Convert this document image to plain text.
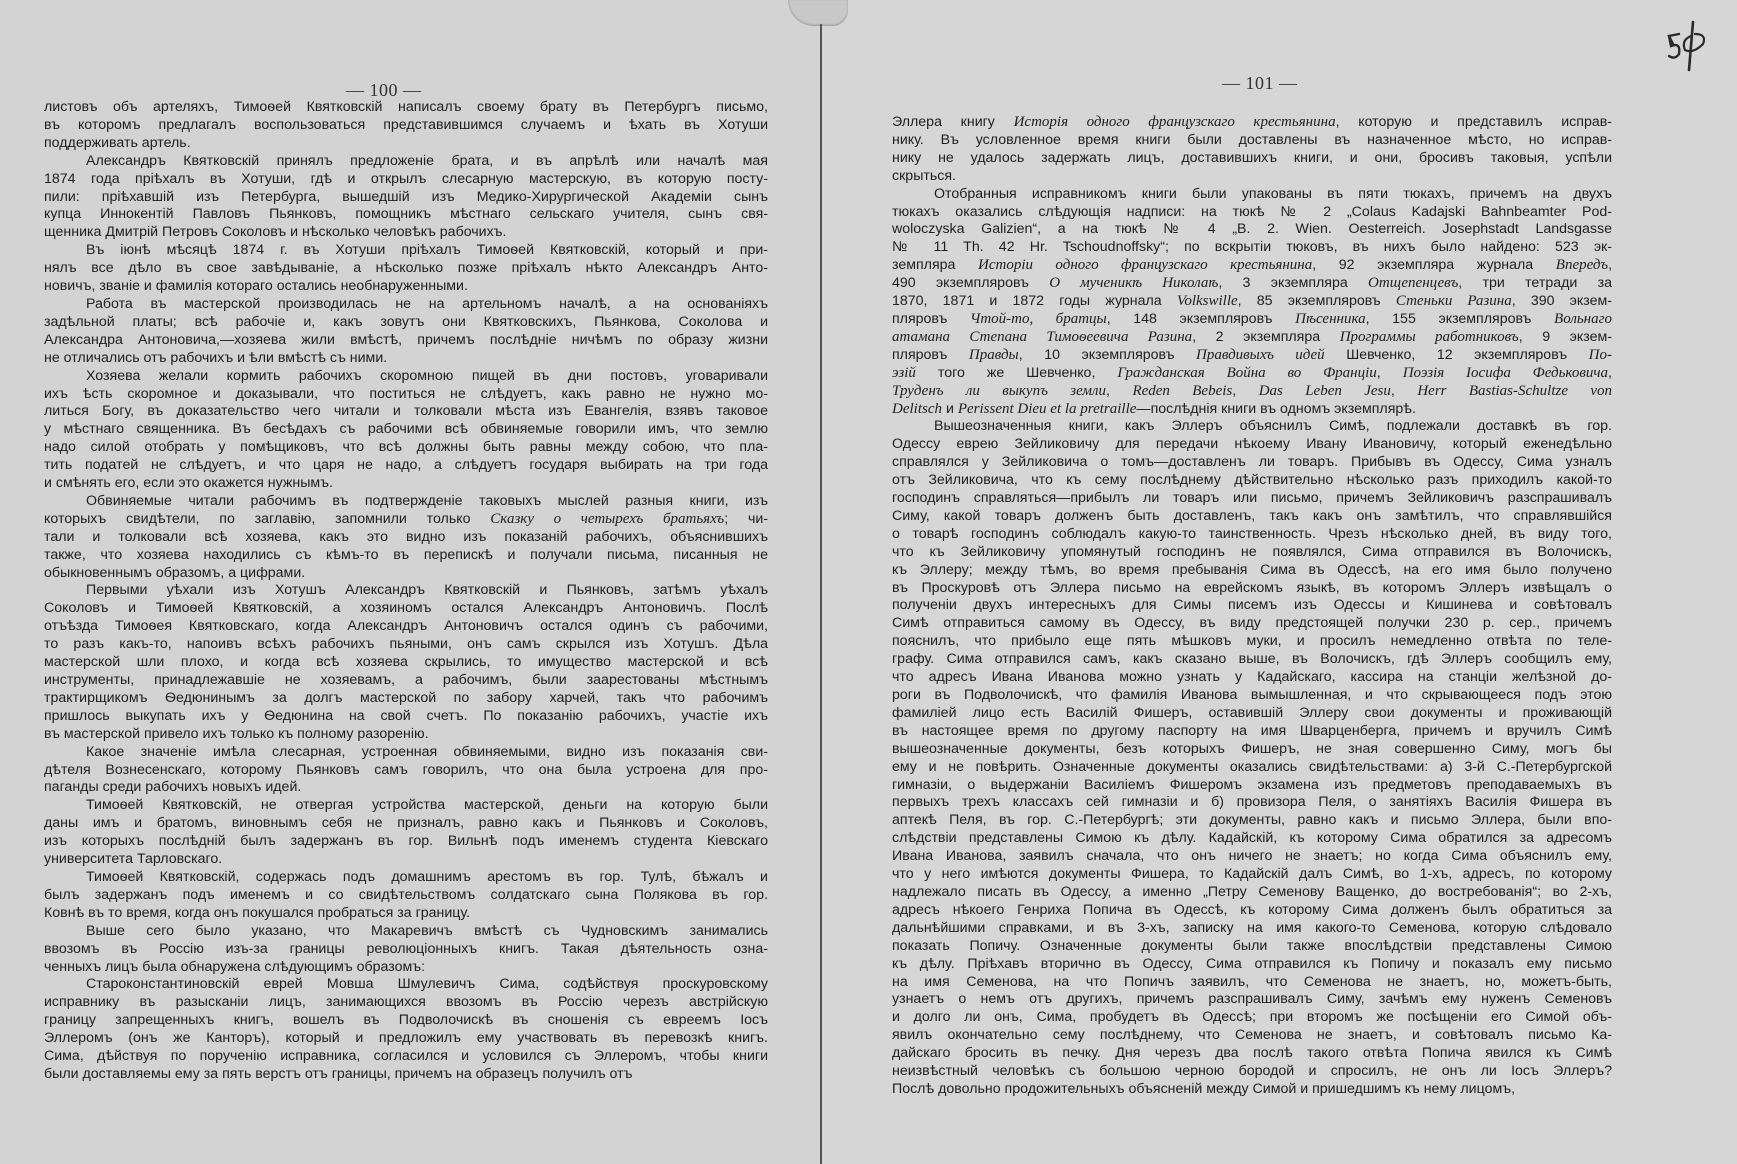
— 100 —

листовъ объ артеляхъ, Тимоѳей Квятковскій написалъ своему брату въ Петербургъ письмо,
въ которомъ предлагалъ воспользоваться представившимся случаемъ и ѣхать въ Хотуши
поддерживать артель.

Александръ Квятковскій принялъ предложеніе брата, и въ апрѣлѣ или началѣ мая
1874 года пріѣхалъ въ Хотуши, гдѣ и открылъ слесарную мастерскую, въ которую посту-
пили: пріѣхавшій изъ Петербурга, вышедшій изъ Медико-Хирургической Академіи сынъ
купца Иннокентій Павловъ Пьянковъ, помощникъ мѣстнаго сельскаго учителя, сынъ свя-
щенника Дмитрій Петровъ Соколовъ и нѣсколько человѣкъ рабочихъ.

Въ іюнѣ мѣсяцѣ 1874 г. въ Хотуши пріѣхалъ Тимоѳей Квятковскій, который и при-
нялъ все дѣло въ свое завѣдываніе, а нѣсколько позже пріѣхалъ нѣкто Александръ Анто-
новичъ, званіе и фамилія котораго остались необнаруженными.

Работа въ мастерской производилась не на артельномъ началѣ, а на основаніяхъ
задѣльной платы; всѣ рабочіе и, какъ зовутъ они Квятковскихъ, Пьянкова, Соколова и
Александра Антоновича,—хозяева жили вмѣстѣ, причемъ послѣдніе ничѣмъ по образу жизни
не отличались отъ рабочихъ и ѣли вмѣстѣ съ ними.

Хозяева желали кормить рабочихъ скоромною пищей въ дни постовъ, уговаривали
ихъ ѣсть скоромное и доказывали, что поститься не слѣдуетъ, какъ равно не нужно мо-
литься Богу, въ доказательство чего читали и толковали мѣста изъ Евангелія, взявъ таковое
у мѣстнаго священника. Въ бесѣдахъ съ рабочими всѣ обвиняемые говорили имъ, что землю
надо силой отобрать у помѣщиковъ, что всѣ должны быть равны между собою, что пла-
тить податей не слѣдуетъ, и что царя не надо, а слѣдуетъ государя выбирать на три года
и смѣнять его, если это окажется нужнымъ.

Обвиняемые читали рабочимъ въ подтвержденіе таковыхъ мыслей разныя книги, изъ
которыхъ свидѣтели, по заглавію, запомнили только Сказку о четырехъ братьяхъ; чи-
тали и толковали всѣ хозяева, какъ это видно изъ показаній рабочихъ, объяснившихъ
также, что хозяева находились съ кѣмъ-то въ перепискѣ и получали письма, писанныя не
обыкновеннымъ образомъ, а цифрами.

Первыми уѣхали изъ Хотушъ Александръ Квятковскій и Пьянковъ, затѣмъ уѣхалъ
Соколовъ и Тимоѳей Квятковскій, а хозяиномъ остался Александръ Антоновичъ. Послѣ
отъѣзда Тимоѳея Квятковскаго, когда Александръ Антоновичъ остался одинъ съ рабочими,
то разъ какъ-то, напоивъ всѣхъ рабочихъ пьяными, онъ самъ скрылся изъ Хотушъ. Дѣла
мастерской шли плохо, и когда всѣ хозяева скрылись, то имущество мастерской и всѣ
инструменты, принадлежавшіе не хозяевамъ, а рабочимъ, были заарестованы мѣстнымъ
трактирщикомъ Ѳедюнинымъ за долгъ мастерской по забору харчей, такъ что рабочимъ
пришлось выкупать ихъ у Ѳедюнина на свой счетъ. По показанію рабочихъ, участіе ихъ
въ мастерской привело ихъ только къ полному разоренію.

Какое значеніе имѣла слесарная, устроенная обвиняемыми, видно изъ показанія сви-
дѣтеля Вознесенскаго, которому Пьянковъ самъ говорилъ, что она была устроена для про-
паганды среди рабочихъ новыхъ идей.

Тимоѳей Квятковскій, не отвергая устройства мастерской, деньги на которую были
даны имъ и братомъ, виновнымъ себя не призналъ, равно какъ и Пьянковъ и Соколовъ,
изъ которыхъ послѣдній былъ задержанъ въ гор. Вильнѣ подъ именемъ студента Кіевскаго
университета Тарловскаго.

Тимоѳей Квятковскій, содержась подъ домашнимъ арестомъ въ гор. Тулѣ, бѣжалъ и
былъ задержанъ подъ именемъ и со свидѣтельствомъ солдатскаго сына Полякова въ гор.
Ковнѣ въ то время, когда онъ покушался пробраться за границу.

Выше сего было указано, что Макаревичъ вмѣстѣ съ Чудновскимъ занимались
ввозомъ въ Россію изъ-за границы революціонныхъ книгъ. Такая дѣятельность озна-
ченныхъ лицъ была обнаружена слѣдующимъ образомъ:

Староконстантиновскій еврей Мовша Шмулевичъ Сима, содѣйствуя проскуровскому
исправнику въ разысканіи лицъ, занимающихся ввозомъ въ Россію черезъ австрійскую
границу запрещенныхъ книгъ, вошелъ въ Подволочискѣ въ сношенія съ евреемъ Іосъ
Эллеромъ (онъ же Канторъ), который и предложилъ ему участвовать въ перевозкѣ книгъ.
Сима, дѣйствуя по порученію исправника, согласился и условился съ Эллеромъ, чтобы книги
были доставляемы ему за пять верстъ отъ границы, причемъ на образецъ получилъ отъ

— 101 —

Эллера книгу Исторія одного французскаго крестьянина, которую и представилъ исправ-
нику. Въ условленное время книги были доставлены въ назначенное мѣсто, но исправ-
нику не удалось задержать лицъ, доставившихъ книги, и они, бросивъ таковыя, успѣли
скрыться.

Отобранныя исправникомъ книги были упакованы въ пяти тюкахъ, причемъ на двухъ
тюкахъ оказались слѣдующія надписи: на тюкѣ № 2 „Colaus Kadajski Bahnbeamter Pod-
woloczyska Galizien“, а на тюкѣ № 4 „B. 2. Wien. Oesterreich. Josephstadt Landsgasse
№ 11 Th. 42 Hr. Tschoudnoffsky“; по вскрытіи тюковъ, въ нихъ было найдено: 523 эк-
земпляра Исторіи одного французскаго крестьянина, 92 экземпляра журнала Впередъ,
490 экземпляровъ О мученикѣ Николаѣ, 3 экземпляра Отщепенцевъ, три тетради за
1870, 1871 и 1872 годы журнала Volkswille, 85 экземпляровъ Стеньки Разина, 390 экзем-
пляровъ Чтой-то, братцы, 148 экземпляровъ Пѣсенника, 155 экземпляровъ Вольнаго
атамана Степана Тимоѳеевича Разина, 2 экземпляра Программы работниковъ, 9 экзем-
пляровъ Правды, 10 экземпляровъ Правдивыхъ идей Шевченко, 12 экземпляровъ По-
эзій того же Шевченко, Гражданская Война во Франціи, Поэзія Іосифа Федьковича,
Труденъ ли выкупъ земли, Reden Bebeis, Das Leben Jesu, Herr Bastias-Schultze von
Delitsch и Perissent Dieu et la pretraille—послѣднія книги въ одномъ экземплярѣ.

Вышеозначенныя книги, какъ Эллеръ объяснилъ Симѣ, подлежали доставкѣ въ гор.
Одессу еврею Зейликовичу для передачи нѣкоему Ивану Ивановичу, который еженедѣльно
справлялся у Зейликовича о томъ—доставленъ ли товаръ. Прибывъ въ Одессу, Сима узналъ
отъ Зейликовича, что къ сему послѣднему дѣйствительно нѣсколько разъ приходилъ какой-то
господинъ справляться—прибылъ ли товаръ или письмо, причемъ Зейликовичъ разспрашивалъ
Симу, какой товаръ долженъ быть доставленъ, такъ какъ онъ замѣтилъ, что справлявшійся
о товарѣ господинъ соблюдалъ какую-то таинственность. Чрезъ нѣсколько дней, въ виду того,
что къ Зейликовичу упомянутый господинъ не появлялся, Сима отправился въ Волочискъ,
къ Эллеру; между тѣмъ, во время пребыванія Сима въ Одессѣ, на его имя было получено
въ Проскуровѣ отъ Эллера письмо на еврейскомъ языкѣ, въ которомъ Эллеръ извѣщалъ о
полученіи двухъ интересныхъ для Симы писемъ изъ Одессы и Кишинева и совѣтовалъ
Симѣ отправиться самому въ Одессу, въ виду предстоящей получки 230 р. сер., причемъ
пояснилъ, что прибыло еще пять мѣшковъ муки, и просилъ немедленно отвѣта по теле-
графу. Сима отправился самъ, какъ сказано выше, въ Волочискъ, гдѣ Эллеръ сообщилъ ему,
что адресъ Ивана Иванова можно узнать у Кадайскаго, кассира на станціи желѣзной до-
роги въ Подволочискѣ, что фамилія Иванова вымышленная, и что скрывающееся подъ этою
фамиліей лицо есть Василій Фишеръ, оставившій Эллеру свои документы и проживающій
въ настоящее время по другому паспорту на имя Шварценберга, причемъ и вручилъ Симѣ
вышеозначенные документы, безъ которыхъ Фишеръ, не зная совершенно Симу, могъ бы
ему и не повѣрить. Означенные документы оказались свидѣтельствами: а) 3-й С.-Петербургской
гимназіи, о выдержаніи Василіемъ Фишеромъ экзамена изъ предметовъ преподаваемыхъ въ
первыхъ трехъ классахъ сей гимназіи и б) провизора Пеля, о занятіяхъ Василія Фишера въ
аптекѣ Пеля, въ гор. С.-Петербургѣ; эти документы, равно какъ и письмо Эллера, были впо-
слѣдствіи представлены Симою къ дѣлу. Кадайскій, къ которому Сима обратился за адресомъ
Ивана Иванова, заявилъ сначала, что онъ ничего не знаетъ; но когда Сима объяснилъ ему,
что у него имѣются документы Фишера, то Кадайскій далъ Симѣ, во 1-хъ, адресъ, по которому
надлежало писать въ Одессу, а именно „Петру Семенову Ващенко, до востребованія“; во 2-хъ,
адресъ нѣкоего Генриха Попича въ Одессѣ, къ которому Сима долженъ былъ обратиться за
дальнѣйшими справками, и въ 3-хъ, записку на имя какого-то Семенова, которую слѣдовало
показать Попичу. Означенные документы были также впослѣдствіи представлены Симою
къ дѣлу. Пріѣхавъ вторично въ Одессу, Сима отправился къ Попичу и показалъ ему письмо
на имя Семенова, на что Попичъ заявилъ, что Семенова не знаетъ, но, можетъ-быть,
узнаетъ о немъ отъ другихъ, причемъ разспрашивалъ Симу, зачѣмъ ему нуженъ Семеновъ
и долго ли онъ, Сима, пробудетъ въ Одессѣ; при второмъ же посѣщеніи его Симой объ-
явилъ окончательно сему послѣднему, что Семенова не знаетъ, и совѣтовалъ письмо Ка-
дайскаго бросить въ печку. Дня черезъ два послѣ такого отвѣта Попича явился къ Симѣ
неизвѣстный человѣкъ съ большою черною бородой и спросилъ, не онъ ли Іосъ Эллеръ?
Послѣ довольно продожительныхъ объясненій между Симой и пришедшимъ къ нему лицомъ,
